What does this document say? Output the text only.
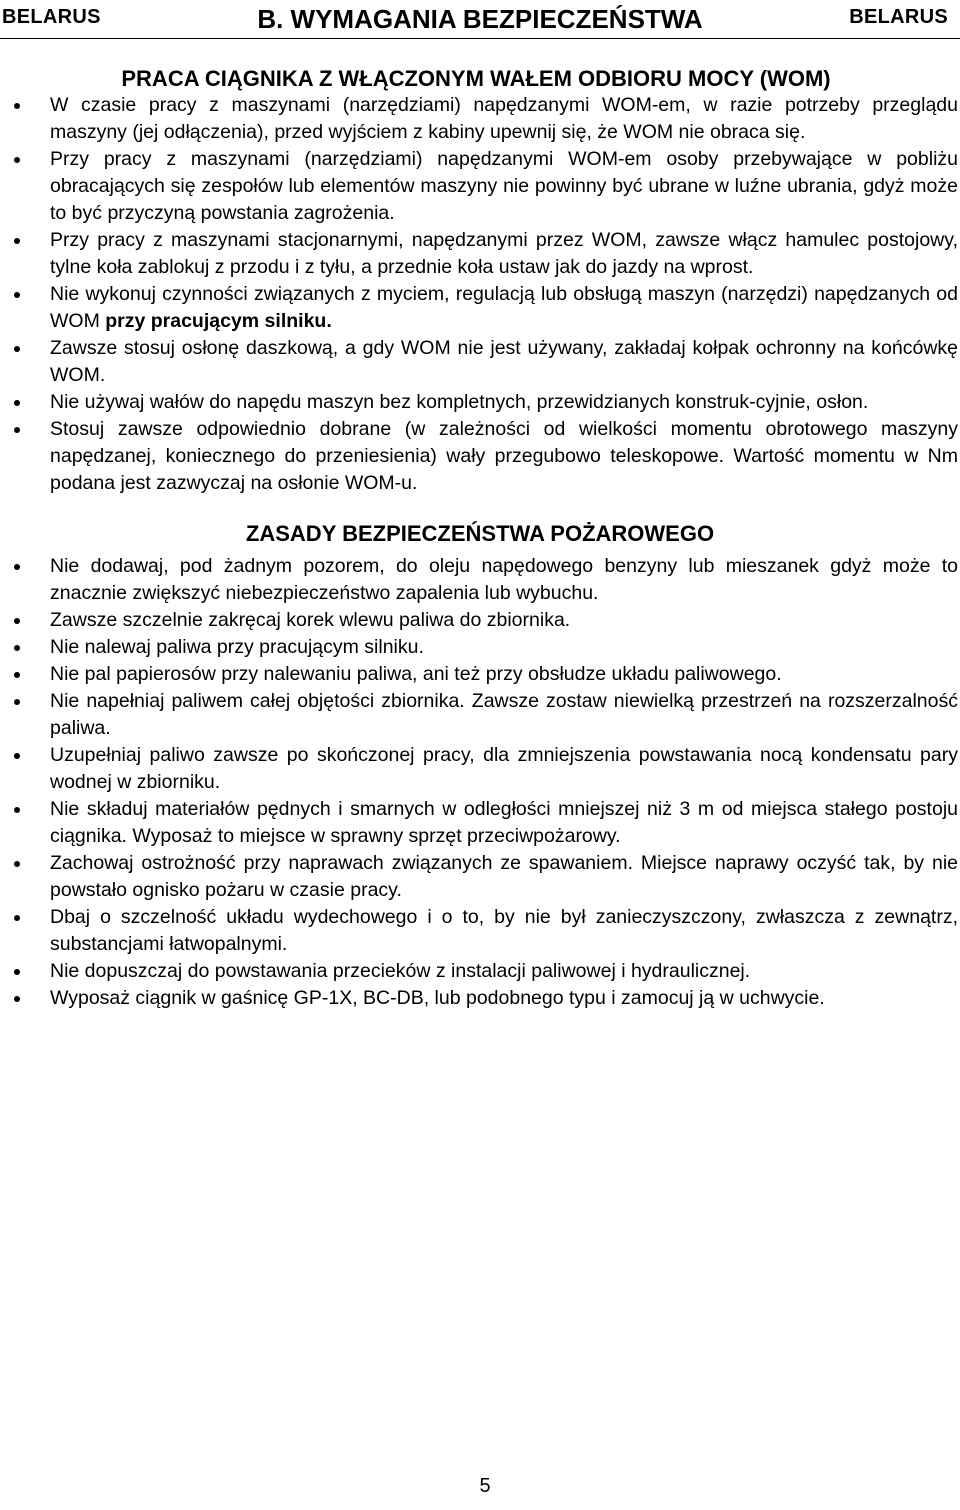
BELARUS	B. WYMAGANIA BEZPIECZEŃSTWA	BELARUS
PRACA CIĄGNIKA Z WŁĄCZONYM WAŁEM ODBIORU MOCY (WOM)
W czasie pracy z maszynami (narzędziami) napędzanymi WOM-em, w razie potrzeby przeglądu maszyny (jej odłączenia), przed wyjściem z kabiny upewnij się, że WOM nie obraca się.
Przy pracy z maszynami (narzędziami) napędzanymi WOM-em osoby przebywające w pobliżu obracających się zespołów lub elementów maszyny nie powinny być ubrane w luźne ubrania, gdyż może to być przyczyną powstania zagrożenia.
Przy pracy z maszynami stacjonarnymi, napędzanymi przez WOM, zawsze włącz hamulec postojowy, tylne koła zablokuj z przodu i z tyłu, a przednie koła ustaw jak do jazdy na wprost.
Nie wykonuj czynności związanych z myciem, regulacją lub obsługą maszyn (narzędzi) napędzanych od WOM przy pracującym silniku.
Zawsze stosuj osłonę daszkową, a gdy WOM nie jest używany, zakładaj kołpak ochronny na końcówkę WOM.
Nie używaj wałów do napędu maszyn bez kompletnych, przewidzianych konstruk-cyjnie, osłon.
Stosuj zawsze odpowiednio dobrane (w zależności od wielkości momentu obrotowego maszyny napędzanej, koniecznego do przeniesienia) wały przegubowo teleskopowe. Wartość momentu w Nm podana jest zazwyczaj na osłonie WOM-u.
ZASADY BEZPIECZEŃSTWA POŻAROWEGO
Nie dodawaj, pod żadnym pozorem, do oleju napędowego benzyny lub mieszanek gdyż może to znacznie zwiększyć niebezpieczeństwo zapalenia lub wybuchu.
Zawsze szczelnie zakręcaj korek wlewu paliwa do zbiornika.
Nie nalewaj paliwa przy pracującym silniku.
Nie pal papierosów przy nalewaniu paliwa, ani też przy obsłudze układu paliwowego.
Nie napełniaj paliwem całej objętości zbiornika. Zawsze zostaw niewielką przestrzeń na rozszerzalność paliwa.
Uzupełniaj paliwo zawsze po skończonej pracy, dla zmniejszenia powstawania nocą kondensatu pary wodnej w zbiorniku.
Nie składuj materiałów pędnych i smarnych w odległości mniejszej niż 3 m od miejsca stałego postoju ciągnika. Wyposaż to miejsce w sprawny sprzęt przeciwpożarowy.
Zachowaj ostrożność przy naprawach związanych ze spawaniem. Miejsce naprawy oczyść tak, by nie powstało ognisko pożaru w czasie pracy.
Dbaj o szczelność układu wydechowego i o to, by nie był zanieczyszczony, zwłaszcza z zewnątrz, substancjami łatwopalnymi.
Nie dopuszczaj do powstawania przecieków z instalacji paliwowej i hydraulicznej.
Wyposaż ciągnik w gaśnicę GP-1X, BC-DB, lub podobnego typu i zamocuj ją w uchwycie.
5
